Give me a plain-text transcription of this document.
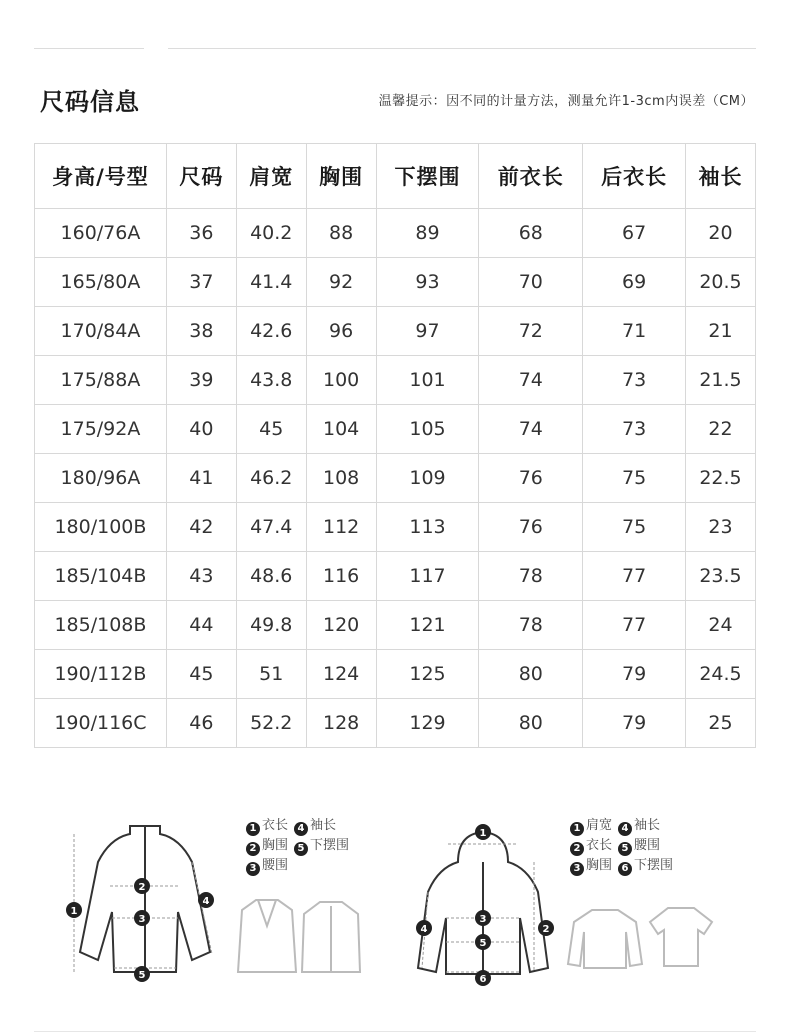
尺码信息	温馨提示：因不同的计量方法，测量允许1-3cm内误差（CM）
身高/号型	尺码	肩宽	胸围	下摆围	前衣长	后衣长	袖长
160/76A	36	40.2	88	89	68	67	20
165/80A	37	41.4	92	93	70	69	20.5
170/84A	38	42.6	96	97	72	71	21
175/88A	39	43.8	100	101	74	73	21.5
175/92A	40	45	104	105	74	73	22
180/96A	41	46.2	108	109	76	75	22.5
180/100B	42	47.4	112	113	76	75	23
185/104B	43	48.6	116	117	78	77	23.5
185/108B	44	49.8	120	121	78	77	24
190/112B	45	51	124	125	80	79	24.5
190/116C	46	52.2	128	129	80	79	25
1
2
3
4
5
1 衣长 4 袖长
2 胸围 5 下摆围
3 腰围
1
2
3
4
5
6
1 肩宽 4 袖长
2 衣长 5 腰围
3 胸围 6 下摆围
